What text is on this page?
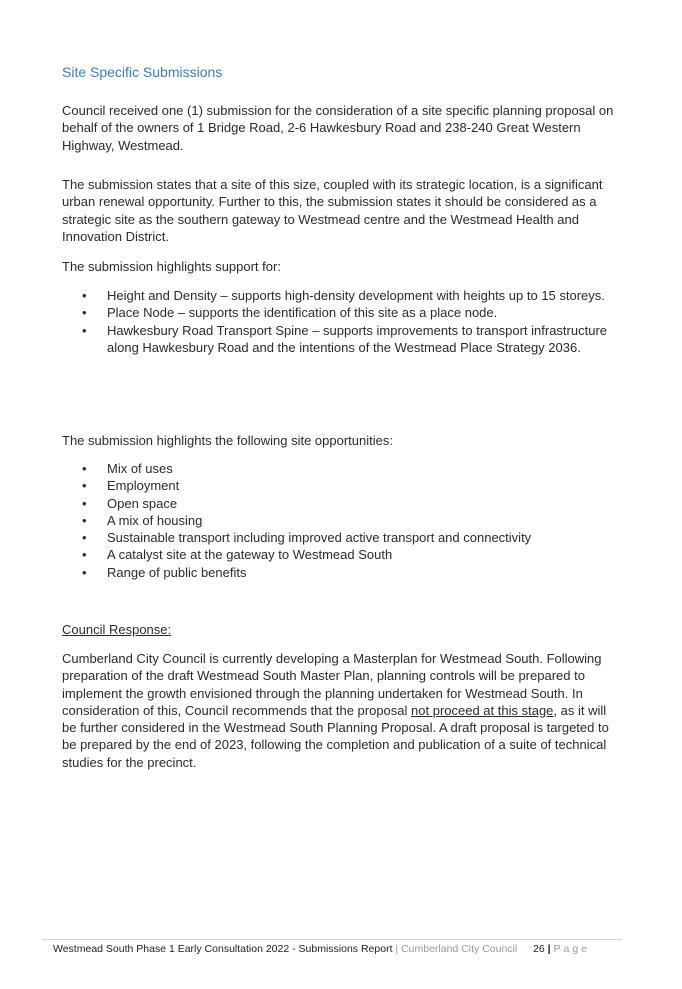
Site Specific Submissions

Council received one (1) submission for the consideration of a site specific planning proposal on behalf of the owners of 1 Bridge Road, 2-6 Hawkesbury Road and 238-240 Great Western Highway, Westmead.

The submission states that a site of this size, coupled with its strategic location, is a significant urban renewal opportunity. Further to this, the submission states it should be considered as a strategic site as the southern gateway to Westmead centre and the Westmead Health and Innovation District.

The submission highlights support for:

• Height and Density – supports high-density development with heights up to 15 storeys.
• Place Node – supports the identification of this site as a place node.
• Hawkesbury Road Transport Spine – supports improvements to transport infrastructure along Hawkesbury Road and the intentions of the Westmead Place Strategy 2036.

The submission highlights the following site opportunities:

• Mix of uses
• Employment
• Open space
• A mix of housing
• Sustainable transport including improved active transport and connectivity
• A catalyst site at the gateway to Westmead South
• Range of public benefits

Council Response:

Cumberland City Council is currently developing a Masterplan for Westmead South. Following preparation of the draft Westmead South Master Plan, planning controls will be prepared to implement the growth envisioned through the planning undertaken for Westmead South. In consideration of this, Council recommends that the proposal not proceed at this stage, as it will be further considered in the Westmead South Planning Proposal. A draft proposal is targeted to be prepared by the end of 2023, following the completion and publication of a suite of technical studies for the precinct.

Westmead South Phase 1 Early Consultation 2022 - Submissions Report | Cumberland City Council 26 | Page
